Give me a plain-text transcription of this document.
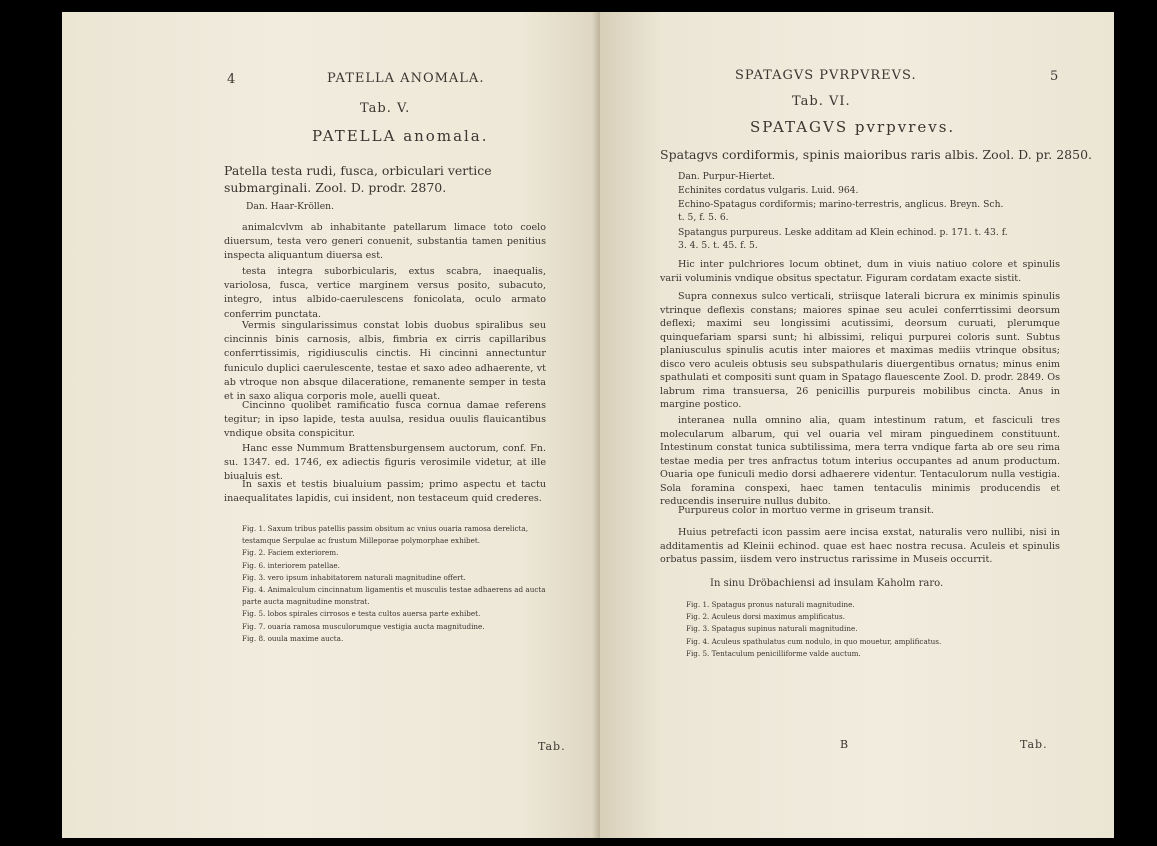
4	PATELLA ANOMALA.
Tab. V.
PATELLA anomala.
Patella testa rudi, fusca, orbiculari vertice submarginali. Zool. D. prodr. 2870.
Dan. Haar-Kröllen.
animalcvlvm ab inhabitante patellarum limace toto coelo diuersum, testa vero generi conuenit, substantia tamen penitius inspecta aliquantum diuersa est.
testa integra suborbicularis, extus scabra, inaequalis, variolosa, fusca, vertice marginem versus posito, subacuto, integro, intus albido-caerulescens fonicolata, oculo armato conferrim punctata.
Vermis singularissimus constat lobis duobus spiralibus seu cincinnis binis carnosis, albis, fimbria ex cirris capillaribus conferrtissimis, rigidiusculis cinctis. Hi cincinni annectuntur funiculo duplici caerulescente, testae et saxo adeo adhaerente, vt ab vtroque non absque dilaceratione, remanente semper in testa et in saxo aliqua corporis mole, auelli queat.
Cincinno quolibet ramificatio fusca cornua damae referens tegitur; in ipso lapide, testa auulsa, residua ouulis flauicantibus vndique obsita conspicitur.
Hanc esse Nummum Brattensburgensem auctorum, conf. Fn. su. 1347. ed. 1746, ex adiectis figuris verosimile videtur, at ille biualuis est.
In saxis et testis biualuium passim; primo aspectu et tactu inaequalitates lapidis, cui insident, non testaceum quid crederes.
Fig. 1. Saxum tribus patellis passim obsitum ac vnius ouaria ramosa derelicta, testamque Serpulae ac frustum Milleporae polymorphae exhibet.
Fig. 2. Faciem exteriorem.
Fig. 6. interiorem patellae.
Fig. 3. vero ipsum inhabitatorem naturali magnitudine offert.
Fig. 4. Animalculum cincinnatum ligamentis et musculis testae adhaerens ad aucta parte aucta magnitudine monstrat.
Fig. 5. lobos spirales cirrosos e testa cultos auersa parte exhibet.
Fig. 7. ouaria ramosa musculorumque vestigia aucta magnitudine.
Fig. 8. ouula maxime aucta.
Tab.
SPATAGVS PVRPVREVS.	5
Tab. VI.
SPATAGVS pvrpvrevs.
Spatagvs cordiformis, spinis maioribus raris albis. Zool. D. pr. 2850.
Dan. Purpur-Hiertet.
Echinites cordatus vulgaris. Luid. 964.
Echino-Spatagus cordiformis; marino-terrestris, anglicus. Breyn. Sch. t. 5, f. 5. 6.
Spatangus purpureus. Leske additam ad Klein echinod. p. 171. t. 43. f. 3. 4. 5. t. 45. f. 5.
Hic inter pulchriores locum obtinet, dum in viuis natiuo colore et spinulis varii voluminis vndique obsitus spectatur. Figuram cordatam exacte sistit.
Supra connexus sulco verticali, striisque laterali bicrura ex minimis spinulis vtrinque deflexis constans; maiores spinae seu aculei conferrtissimi deorsum deflexi; maximi seu longissimi acutissimi, deorsum curuati, plerumque quinquefariam sparsi sunt; hi albissimi, reliqui purpurei coloris sunt. Subtus planiusculus spinulis acutis inter maiores et maximas mediis vtrinque obsitus; disco vero aculeis obtusis seu subspathularis diuergentibus ornatus; minus enim spathulati et compositi sunt quam in Spatago flauescente Zool. D. prodr. 2849. Os labrum rima transuersa, 26 penicillis purpureis mobilibus cincta. Anus in margine postico.
interanea nulla omnino alia, quam intestinum ratum, et fasciculi tres molecularum albarum, qui vel ouaria vel miram pinguedinem constituunt. Intestinum constat tunica subtilissima, mera terra vndique farta ab ore seu rima testae media per tres anfractus totum interius occupantes ad anum productum. Ouaria ope funiculi medio dorsi adhaerere videntur. Tentaculorum nulla vestigia. Sola foramina conspexi, haec tamen tentaculis minimis producendis et reducendis inseruire nullus dubito.
Purpureus color in mortuo verme in griseum transit.
Huius petrefacti icon passim aere incisa exstat, naturalis vero nullibi, nisi in additamentis ad Kleinii echinod. quae est haec nostra recusa. Aculeis et spinulis orbatus passim, iisdem vero instructus rarissime in Museis occurrit.
In sinu Dröbachiensi ad insulam Kaholm raro.
Fig. 1. Spatagus pronus naturali magnitudine.
Fig. 2. Aculeus dorsi maximus amplificatus.
Fig. 3. Spatagus supinus naturali magnitudine.
Fig. 4. Aculeus spathulatus cum nodulo, in quo mouetur, amplificatus.
Fig. 5. Tentaculum penicilliforme valde auctum.
B	Tab.
